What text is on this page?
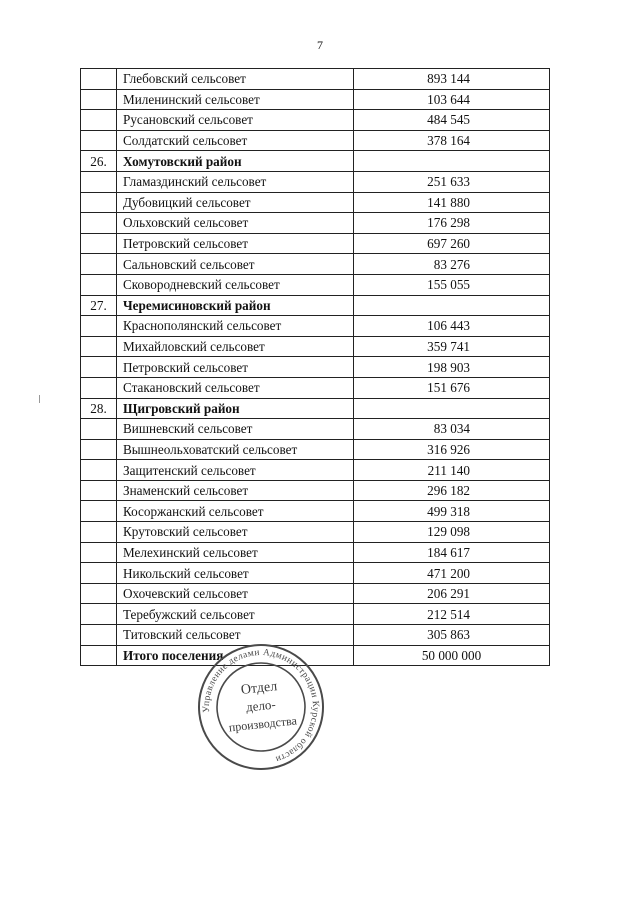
7
	Глебовский сельсовет	893 144
	Миленинский сельсовет	103 644
	Русановский сельсовет	484 545
	Солдатский сельсовет	378 164
26.	Хомутовский район	
	Гламаздинский сельсовет	251 633
	Дубовицкий сельсовет	141 880
	Ольховский сельсовет	176 298
	Петровский сельсовет	697 260
	Сальновский сельсовет	83 276
	Сковородневский сельсовет	155 055
27.	Черемисиновский район	
	Краснополянский сельсовет	106 443
	Михайловский сельсовет	359 741
	Петровский сельсовет	198 903
	Стакановский сельсовет	151 676
28.	Щигровский район	
	Вишневский сельсовет	83 034
	Вышнеольховатский сельсовет	316 926
	Защитенский сельсовет	211 140
	Знаменский сельсовет	296 182
	Косоржанский сельсовет	499 318
	Крутовский сельсовет	129 098
	Мелехинский сельсовет	184 617
	Никольский сельсовет	471 200
	Охочевский сельсовет	206 291
	Теребужский сельсовет	212 514
	Титовский сельсовет	305 863
	Итого поселения	50 000 000
Управление делами Администрации Курской области
Отдел
дело-
производства
